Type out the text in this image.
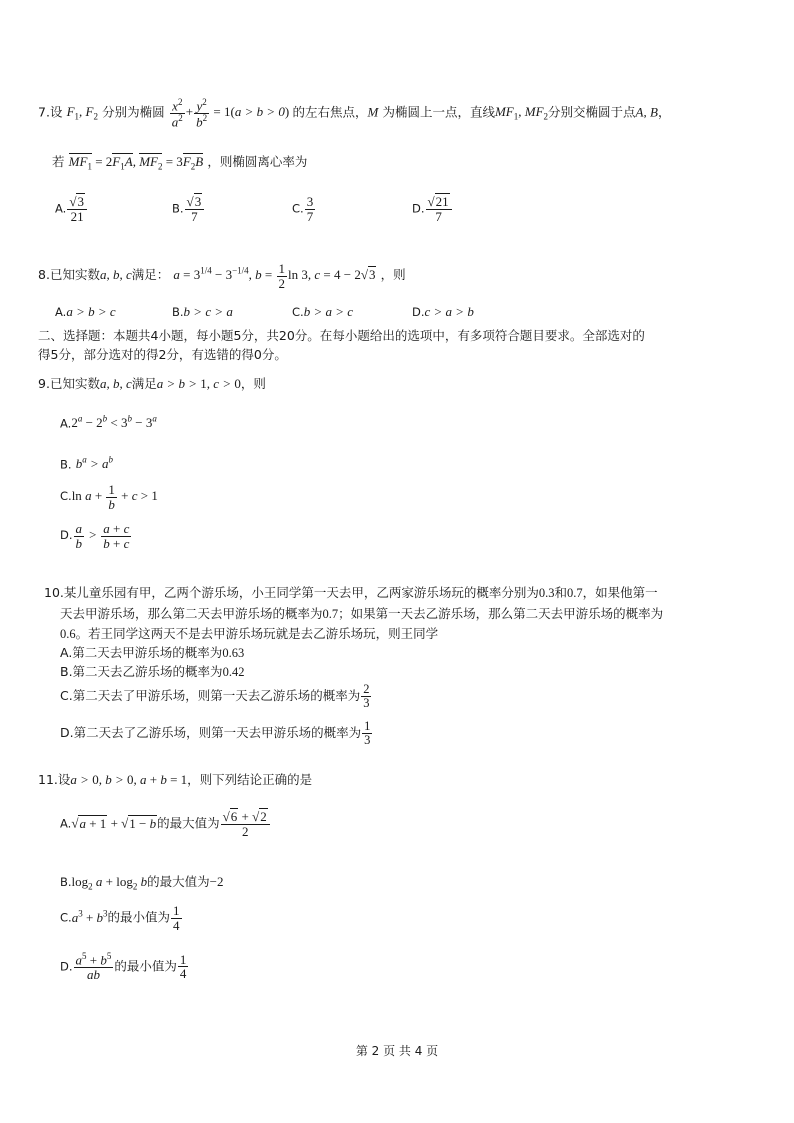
7.设 $F_1$, $F_2$ 分别为椭圆 $\frac{x^2}{a^2} + \frac{y^2}{b^2} = 1(a > b > 0)$ 的左右焦点，M 为椭圆上一点，直线$MF_1$, $MF_2$分别交椭圆于点A, B，
若 $MF_1 = 2F_1A$, $MF_2 = 3F_2B$ ，则椭圆离心率为
A. $\frac{√3}{21}$	B. $\frac{√3}{7}$	C. $\frac{3}{7}$	D. $\frac{√21}{7}$
8.已知实数a, b, c满足： $a = 3^{1/4} - 3^{-1/4}$, $b = \frac{1}{2}$ ln 3, c = 4 − 2√3 ，则
A.a > b > c	B.b > c > a	C.b > a > c	D.c > a > b
二、选择题：本题共4小题，每小题5分，共20分。在每小题给出的选项中，有多项符合题目要求。全部选对的
得5分，部分选对的得2分，有选错的得0分。
9.已知实数a, b, c满足a > b > 1, c > 0，则
$A.2^a - 2^b < 3^b - 3^a$
B. $b^a > a^b$
C.ln $a + \frac{1}{b} + c > 1$
D. $\frac{a}{b} > \frac{a + c}{b + c}$
10.某儿童乐园有甲，乙两个游乐场，小王同学第一天去甲，乙两家游乐场玩的概率分别为0.3和0.7，如果他第一
天去甲游乐场，那么第二天去甲游乐场的概率为0.7；如果第一天去乙游乐场，那么第二天去甲游乐场的概率为
0.6。若王同学这两天不是去甲游乐场玩就是去乙游乐场玩，则王同学
A.第二天去甲游乐场的概率为0.63
B.第二天去乙游乐场的概率为0.42
C.第二天去了甲游乐场，则第一天去乙游乐场的概率为 $\frac{2}{3}$
D.第二天去了乙游乐场，则第一天去甲游乐场的概率为 $\frac{1}{3}$
11.设a > 0, b > 0, a + b = 1，则下列结论正确的是
A.√a + 1 + √1 − b的最大值为 $\frac{√6 + √2}{2}$
$B.\log_2$ $a + \log_2 b$的最大值为−2
$C.a^3 + b^3$的最小值为 $\frac{1}{4}$
D. $\frac{a^5 + b^5}{ab}$ 的最小值为 $\frac{1}{4}$
第 2 页 共 4 页
